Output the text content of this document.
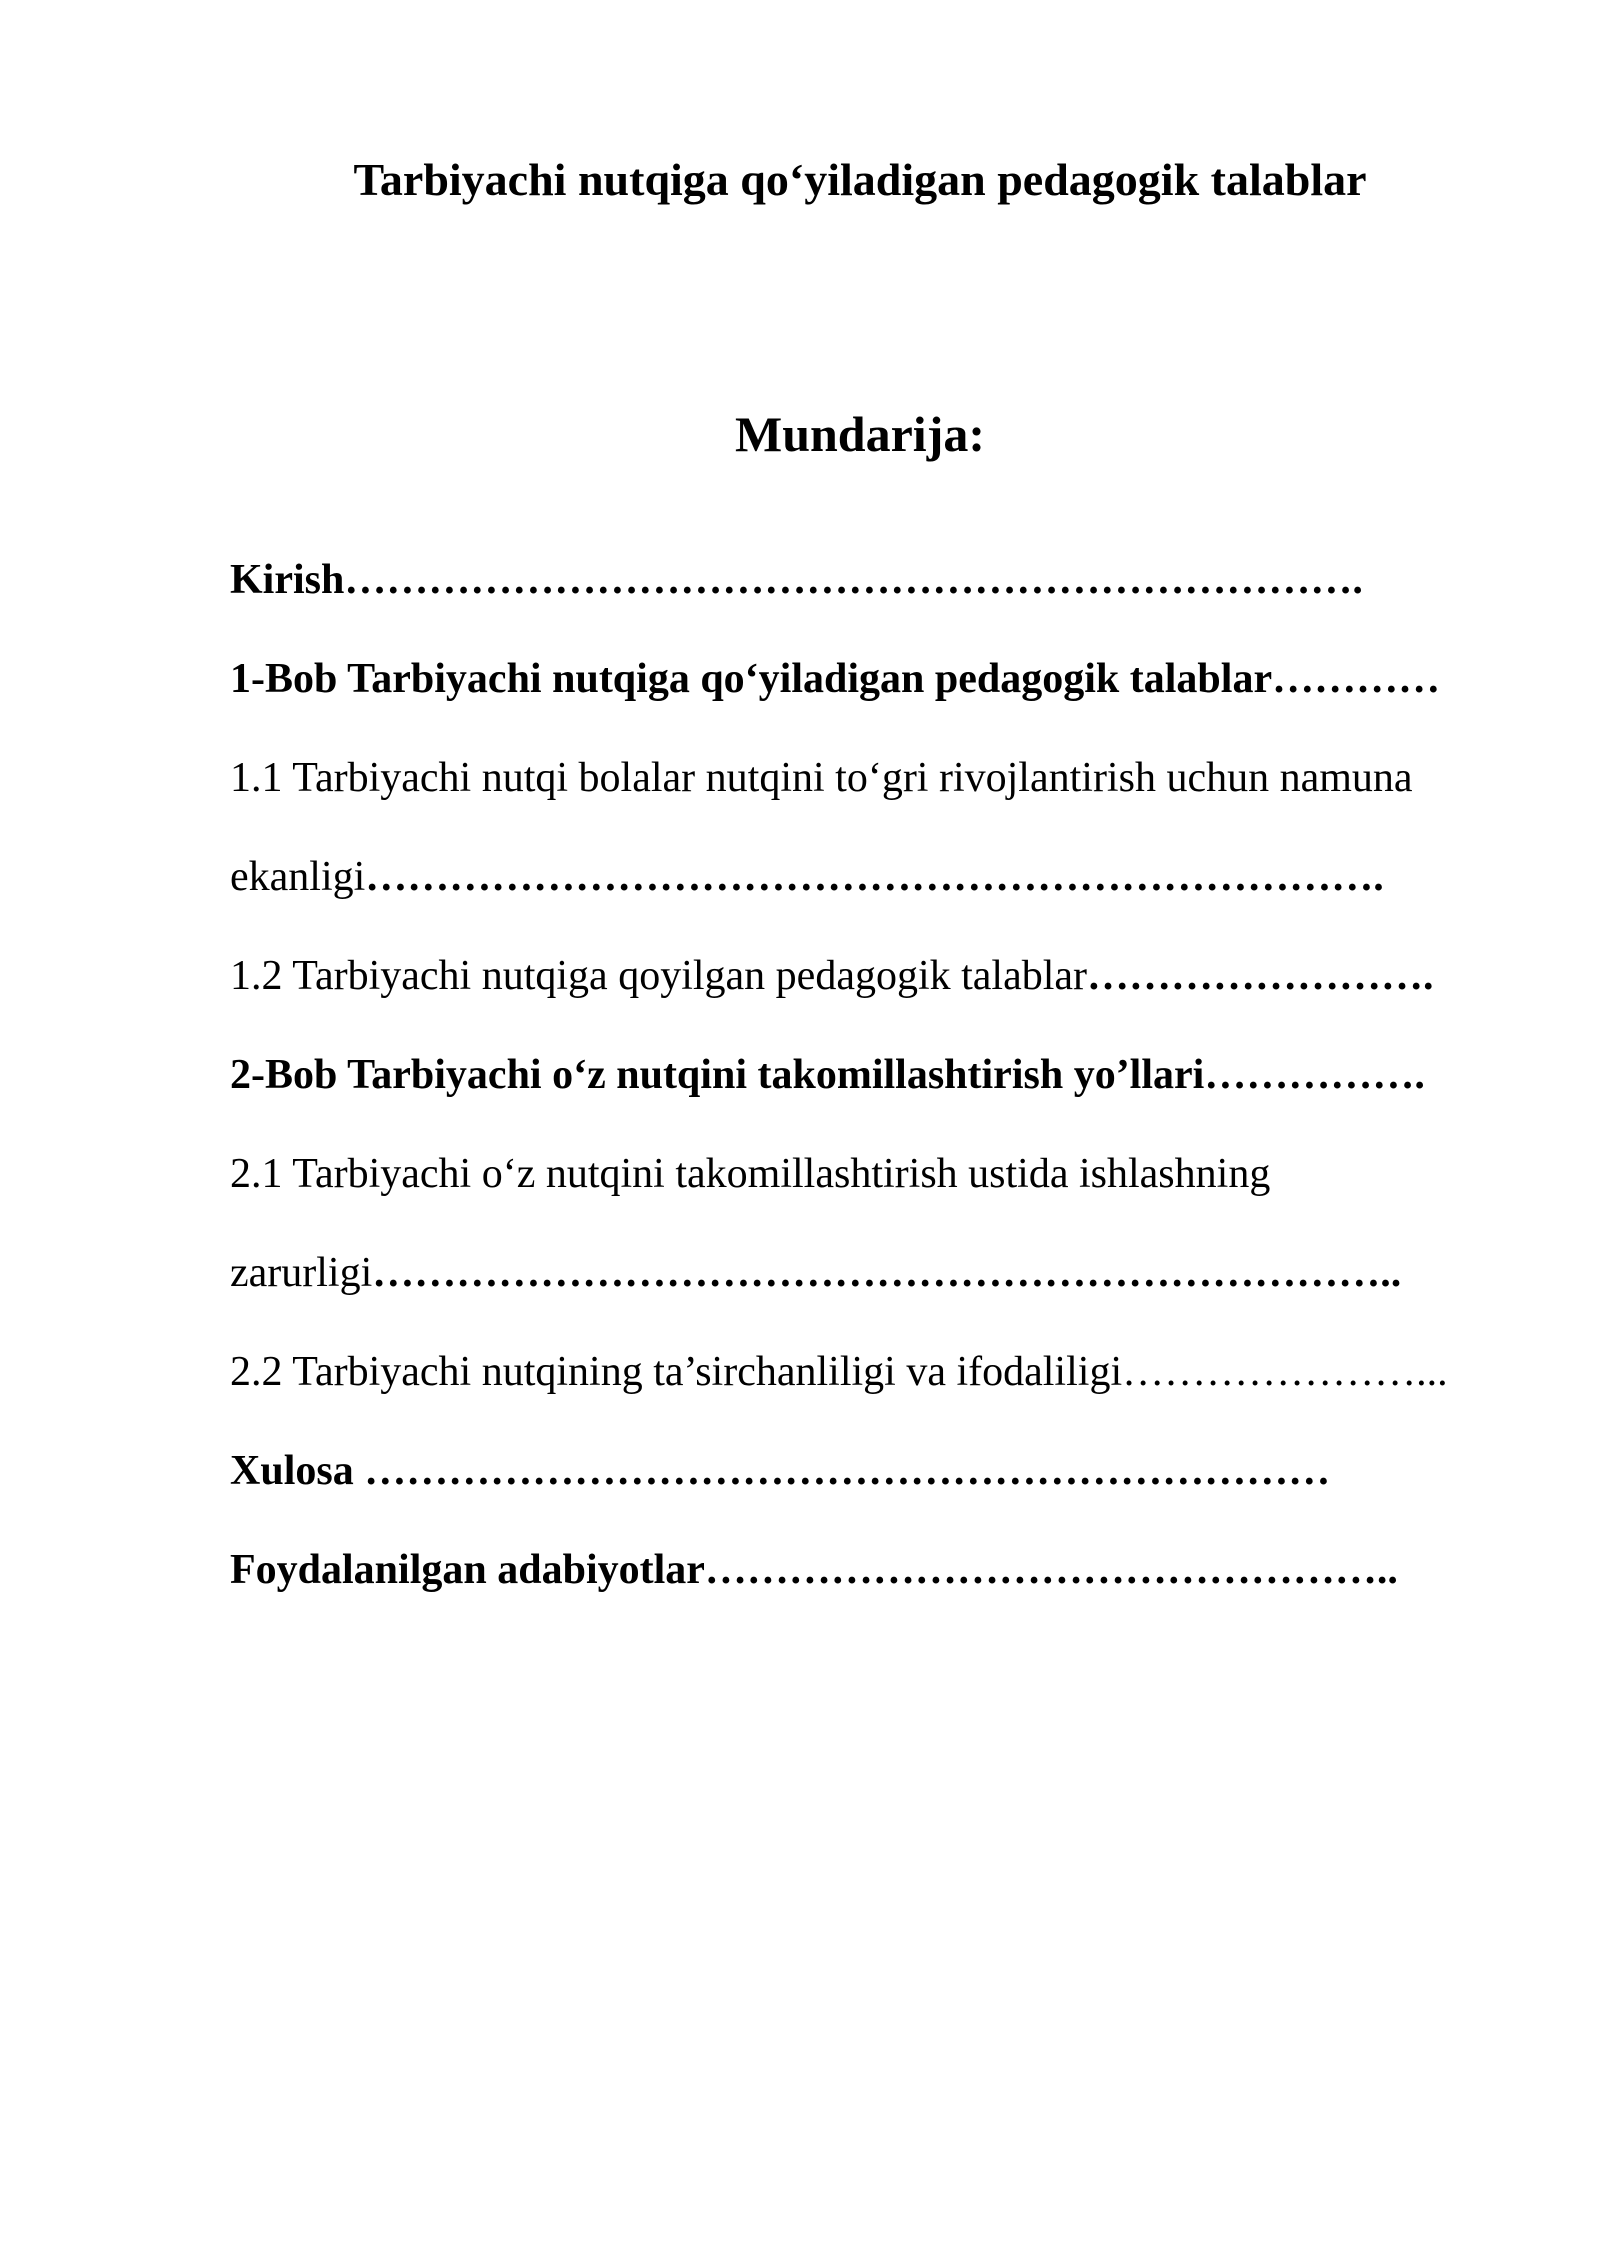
Tarbiyachi nutqiga qo‘yiladigan pedagogik talablar
Mundarija:
Kirish……………………………………………………………….
1-Bob Tarbiyachi nutqiga qo‘yiladigan pedagogik talablar…………
1.1 Tarbiyachi nutqi bolalar nutqini to‘gri rivojlantirish uchun namuna
ekanligi……………………………………………………………….
1.2 Tarbiyachi nutqiga qoyilgan pedagogik talablar…………………….
2-Bob Tarbiyachi o‘z nutqini takomillashtirish yo’llari…………….
2.1 Tarbiyachi o‘z nutqini takomillashtirish ustida ishlashning
zarurligi………………………………………………………………..
2.2 Tarbiyachi nutqining ta’sirchanliligi va ifodaliligi…………………...
Xulosa ……………………………………………………………
Foydalanilgan adabiyotlar…………………………………………..
